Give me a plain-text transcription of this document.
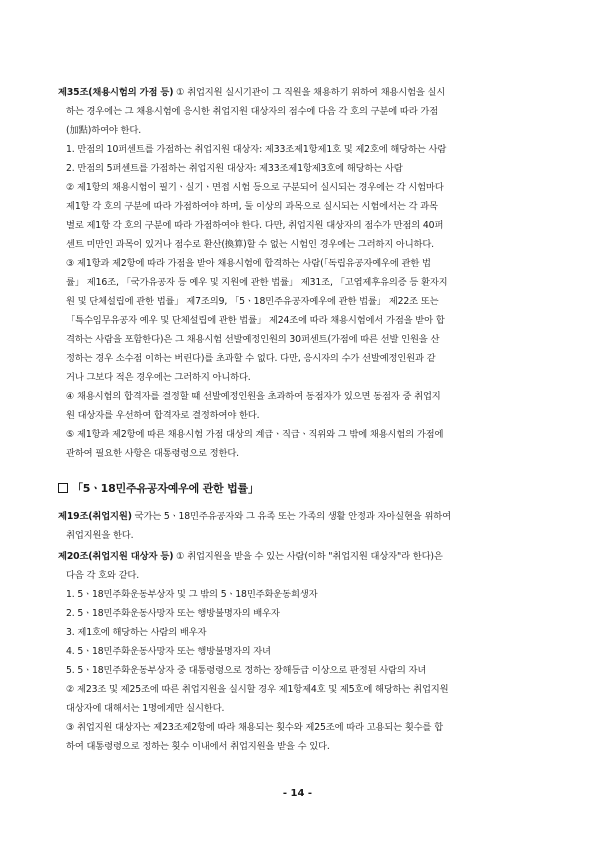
제35조(채용시험의 가점 등) ① 취업지원 실시기관이 그 직원을 채용하기 위하여 채용시험을 실시
하는 경우에는 그 채용시험에 응시한 취업지원 대상자의 점수에 다음 각 호의 구분에 따라 가점
(加點)하여야 한다.
1. 만점의 10퍼센트를 가점하는 취업지원 대상자: 제33조제1항제1호 및 제2호에 해당하는 사람
2. 만점의 5퍼센트를 가점하는 취업지원 대상자: 제33조제1항제3호에 해당하는 사람
② 제1항의 채용시험이 필기ㆍ실기ㆍ면접 시험 등으로 구분되어 실시되는 경우에는 각 시험마다
제1항 각 호의 구분에 따라 가점하여야 하며, 둘 이상의 과목으로 실시되는 시험에서는 각 과목
별로 제1항 각 호의 구분에 따라 가점하여야 한다. 다만, 취업지원 대상자의 점수가 만점의 40퍼
센트 미만인 과목이 있거나 점수로 환산(換算)할 수 없는 시험인 경우에는 그러하지 아니하다.
③ 제1항과 제2항에 따라 가점을 받아 채용시험에 합격하는 사람(「독립유공자예우에 관한 법
률」 제16조, 「국가유공자 등 예우 및 지원에 관한 법률」 제31조, 「고엽제후유의증 등 환자지
원 및 단체설립에 관한 법률」 제7조의9, 「5ㆍ18민주유공자예우에 관한 법률」 제22조 또는
「특수임무유공자 예우 및 단체설립에 관한 법률」 제24조에 따라 채용시험에서 가점을 받아 합
격하는 사람을 포함한다)은 그 채용시험 선발예정인원의 30퍼센트(가점에 따른 선발 인원을 산
정하는 경우 소수점 이하는 버린다)를 초과할 수 없다. 다만, 응시자의 수가 선발예정인원과 같
거나 그보다 적은 경우에는 그러하지 아니하다.
④ 채용시험의 합격자를 결정할 때 선발예정인원을 초과하여 동점자가 있으면 동점자 중 취업지
원 대상자를 우선하여 합격자로 결정하여야 한다.
⑤ 제1항과 제2항에 따른 채용시험 가점 대상의 계급ㆍ직급ㆍ직위와 그 밖에 채용시험의 가점에
관하여 필요한 사항은 대통령령으로 정한다.
「5ㆍ18민주유공자예우에 관한 법률」
제19조(취업지원) 국가는 5ㆍ18민주유공자와 그 유족 또는 가족의 생활 안정과 자아실현을 위하여
취업지원을 한다.
제20조(취업지원 대상자 등) ① 취업지원을 받을 수 있는 사람(이하 "취업지원 대상자"라 한다)은
다음 각 호와 같다.
1. 5ㆍ18민주화운동부상자 및 그 밖의 5ㆍ18민주화운동희생자
2. 5ㆍ18민주화운동사망자 또는 행방불명자의 배우자
3. 제1호에 해당하는 사람의 배우자
4. 5ㆍ18민주화운동사망자 또는 행방불명자의 자녀
5. 5ㆍ18민주화운동부상자 중 대통령령으로 정하는 장해등급 이상으로 판정된 사람의 자녀
② 제23조 및 제25조에 따른 취업지원을 실시할 경우 제1항제4호 및 제5호에 해당하는 취업지원
대상자에 대해서는 1명에게만 실시한다.
③ 취업지원 대상자는 제23조제2항에 따라 채용되는 횟수와 제25조에 따라 고용되는 횟수를 합
하여 대통령령으로 정하는 횟수 이내에서 취업지원을 받을 수 있다.
- 14 -
